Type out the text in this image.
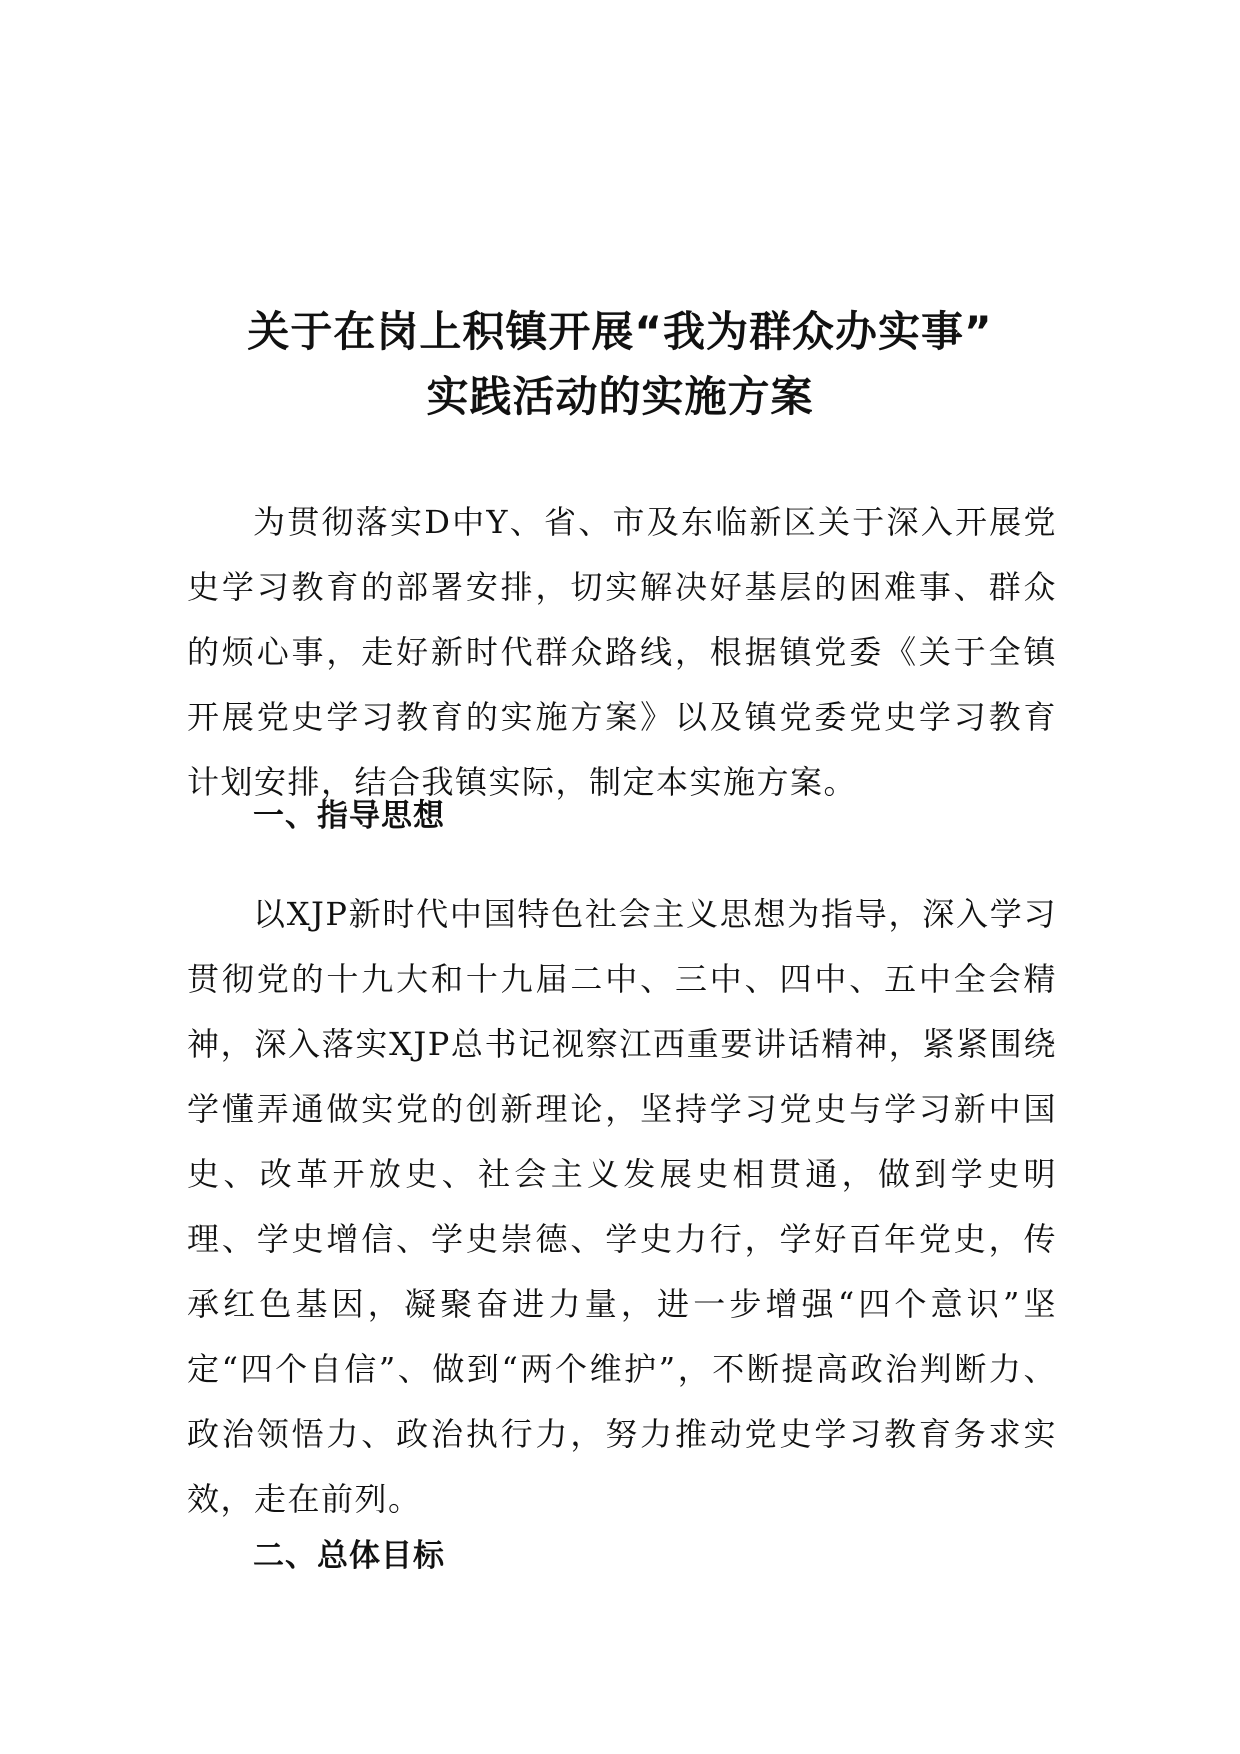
关于在岗上积镇开展“我为群众办实事”
实践活动的实施方案

为贯彻落实D中Y、省、市及东临新区关于深入开展党史学习教育的部署安排，切实解决好基层的困难事、群众的烦心事，走好新时代群众路线，根据镇党委《关于全镇开展党史学习教育的实施方案》以及镇党委党史学习教育计划安排，结合我镇实际，制定本实施方案。

一、指导思想

以XJP新时代中国特色社会主义思想为指导，深入学习贯彻党的十九大和十九届二中、三中、四中、五中全会精神，深入落实XJP总书记视察江西重要讲话精神，紧紧围绕学懂弄通做实党的创新理论，坚持学习党史与学习新中国史、改革开放史、社会主义发展史相贯通，做到学史明理、学史增信、学史崇德、学史力行，学好百年党史，传承红色基因，凝聚奋进力量，进一步增强“四个意识”坚定“四个自信”、做到“两个维护”，不断提高政治判断力、政治领悟力、政治执行力，努力推动党史学习教育务求实效，走在前列。

二、总体目标
